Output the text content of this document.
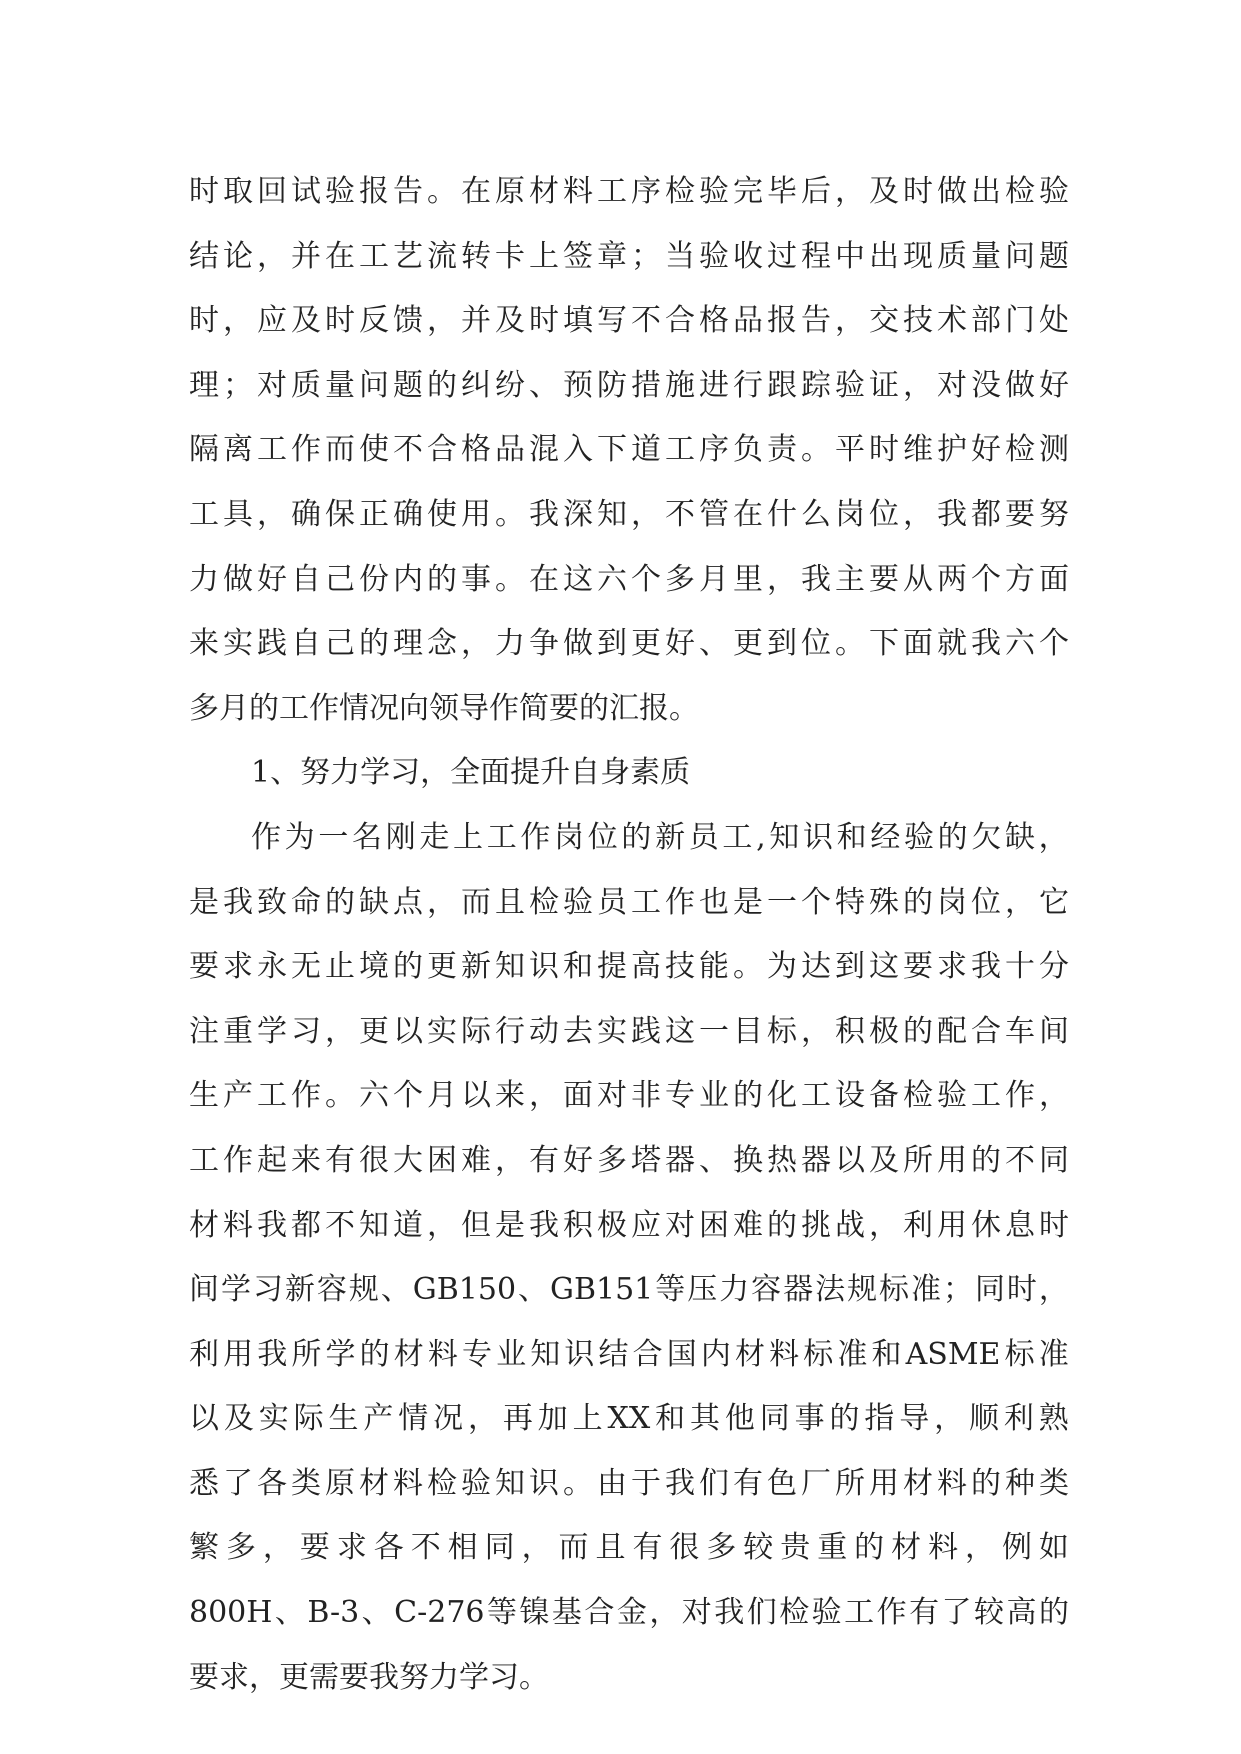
时 取 回 试 验 报 告 。 在 原 材 料 工 序 检 验 完 毕 后 ， 及 时 做 出 检 验
结 论 ， 并 在 工 艺 流 转 卡 上 签 章 ； 当 验 收 过 程 中 出 现 质 量 问 题
时 ， 应 及 时 反 馈 ， 并 及 时 填 写 不 合 格 品 报 告 ， 交 技 术 部 门 处
理 ； 对 质 量 问 题 的 纠 纷 、 预 防 措 施 进 行 跟 踪 验 证 ， 对 没 做 好
隔 离 工 作 而 使 不 合 格 品 混 入 下 道 工 序 负 责 。 平 时 维 护 好 检 测
工 具 ， 确 保 正 确 使 用 。 我 深 知 ， 不 管 在 什 么 岗 位 ， 我 都 要 努
力 做 好 自 己 份 内 的 事 。 在 这 六 个 多 月 里 ， 我 主 要 从 两 个 方 面
来 实 践 自 己 的 理 念 ， 力 争 做 到 更 好 、 更 到 位 。 下 面 就 我 六 个
多月的工作情况向领导作简要的汇报。
1、努力学习，全面提升自身素质
作 为 一 名 刚 走 上 工 作 岗 位 的 新 员 工 , 知 识 和 经 验 的 欠 缺 ，
是 我 致 命 的 缺 点 ， 而 且 检 验 员 工 作 也 是 一 个 特 殊 的 岗 位 ， 它
要 求 永 无 止 境 的 更 新 知 识 和 提 高 技 能 。 为 达 到 这 要 求 我 十 分
注 重 学 习 ， 更 以 实 际 行 动 去 实 践 这 一 目 标 ， 积 极 的 配 合 车 间
生 产 工 作 。 六 个 月 以 来 ， 面 对 非 专 业 的 化 工 设 备 检 验 工 作 ，
工 作 起 来 有 很 大 困 难 ， 有 好 多 塔 器 、 换 热 器 以 及 所 用 的 不 同
材 料 我 都 不 知 道 ， 但 是 我 积 极 应 对 困 难 的 挑 战 ， 利 用 休 息 时
间 学 习 新 容 规 、 GB150 、 GB151 等 压 力 容 器 法 规 标 准 ； 同 时 ，
利 用 我 所 学 的 材 料 专 业 知 识 结 合 国 内 材 料 标 准 和 ASME 标 准
以 及 实 际 生 产 情 况 ， 再 加 上 XX 和 其 他 同 事 的 指 导 ， 顺 利 熟
悉 了 各 类 原 材 料 检 验 知 识 。 由 于 我 们 有 色 厂 所 用 材 料 的 种 类
繁 多 ， 要 求 各 不 相 同 ， 而 且 有 很 多 较 贵 重 的 材 料 ， 例 如
800H 、 B-3 、 C-276 等 镍 基 合 金 ， 对 我 们 检 验 工 作 有 了 较 高 的
要求，更需要我努力学习。
